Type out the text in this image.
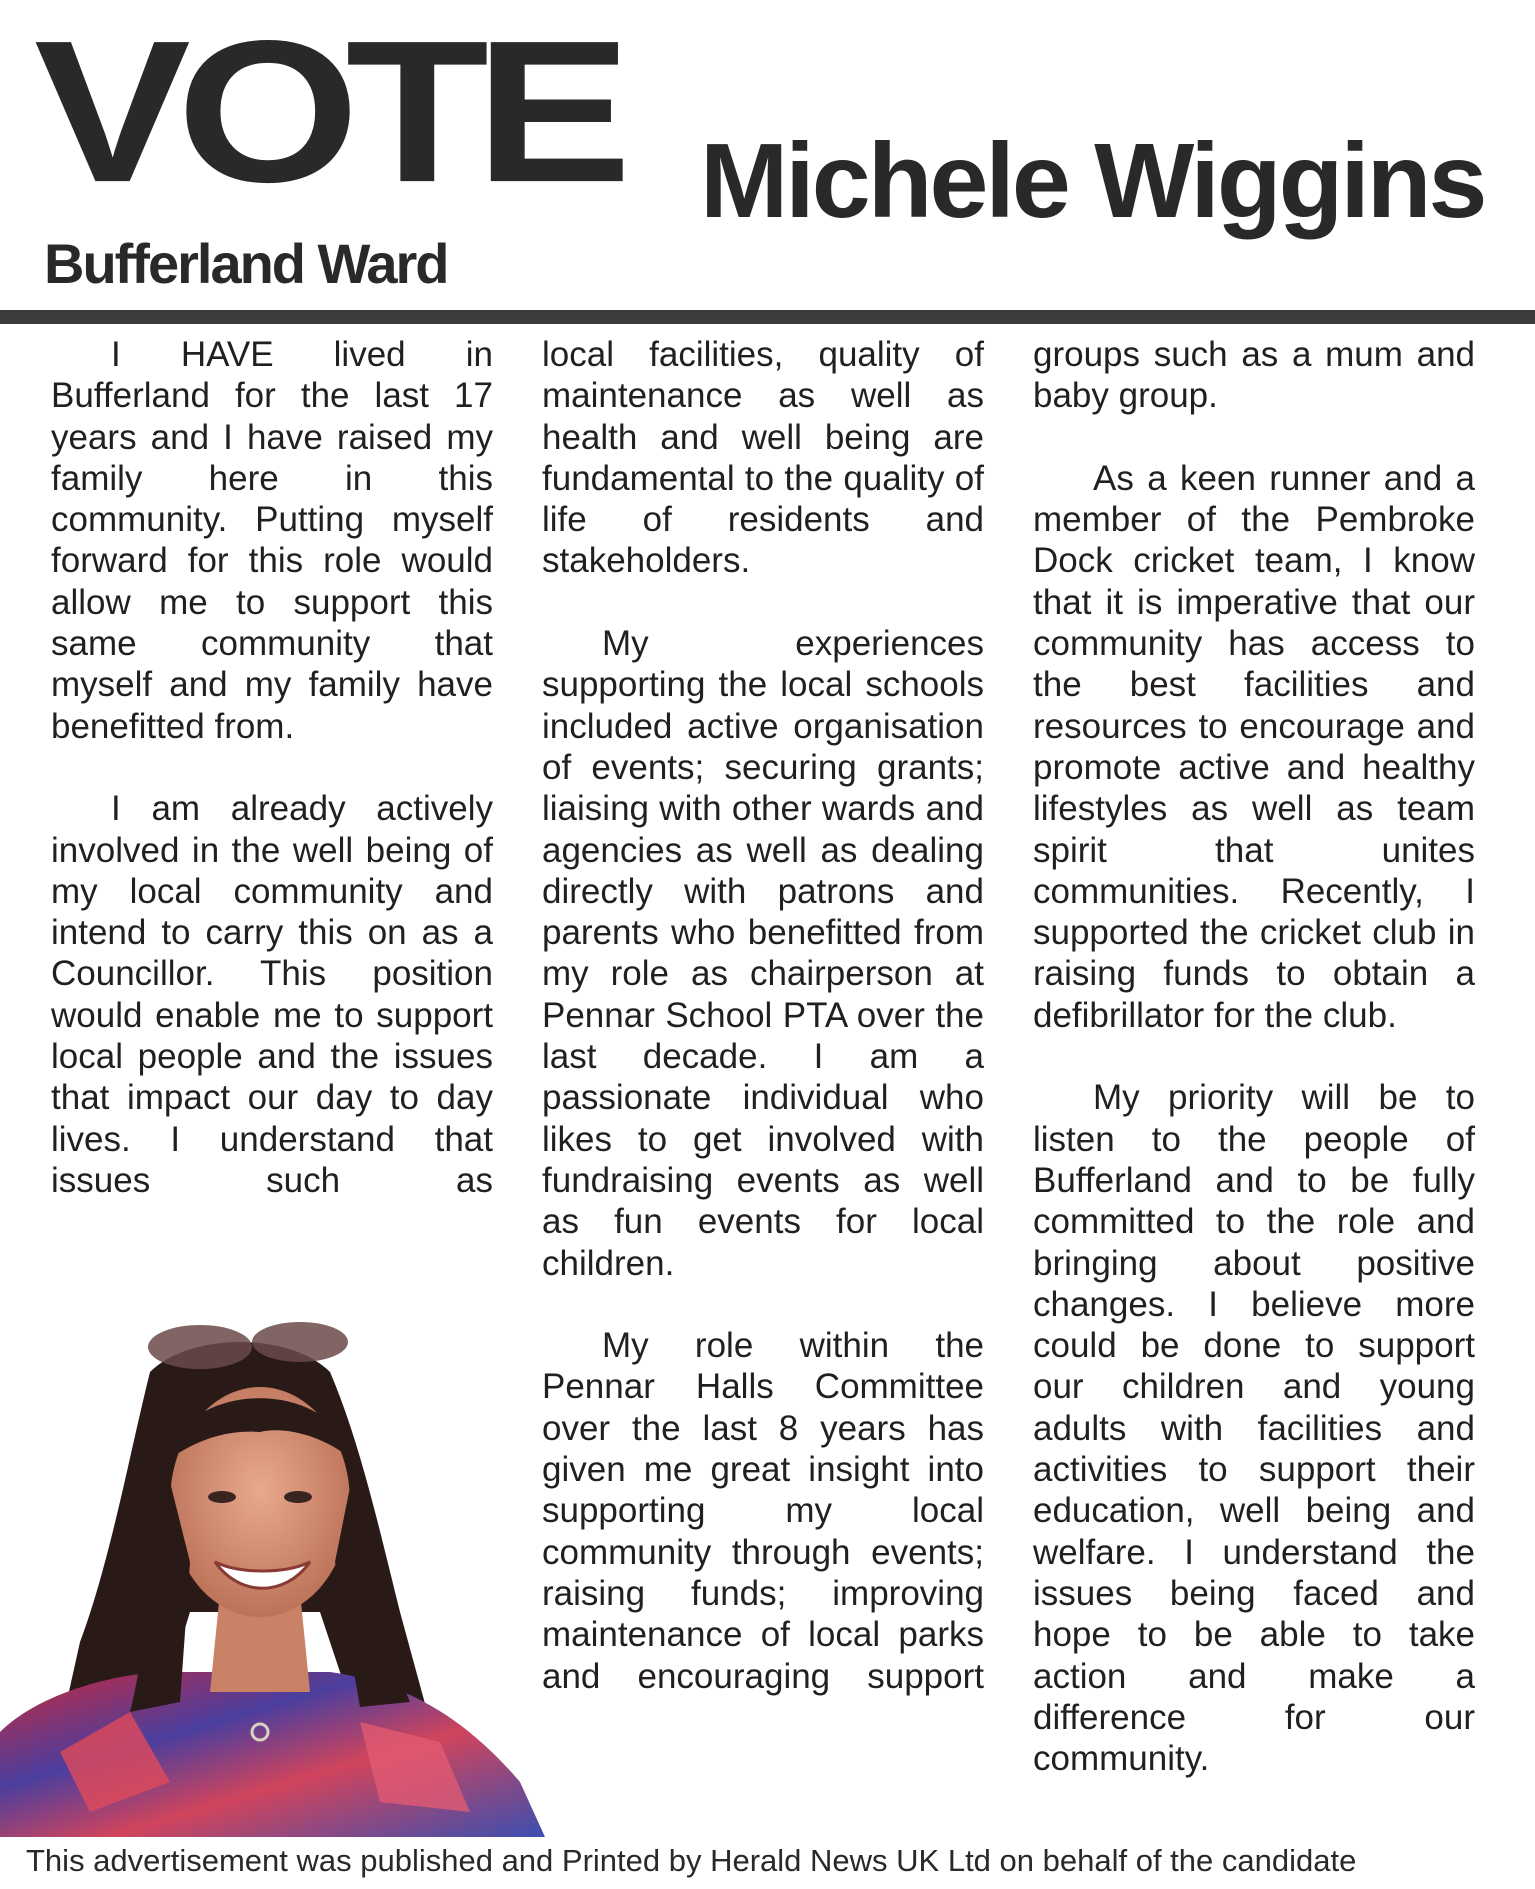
VOTE Michele Wiggins
Bufferland Ward

I HAVE lived in Bufferland for the last 17 years and I have raised my family here in this community. Putting myself forward for this role would allow me to support this same community that myself and my family have benefitted from.

I am already actively involved in the well being of my local community and intend to carry this on as a Councillor. This position would enable me to support local people and the issues that impact our day to day lives. I understand that issues such as

local facilities, quality of maintenance as well as health and well being are fundamental to the quality of life of residents and stakeholders.

My experiences supporting the local schools included active organisation of events; securing grants; liaising with other wards and agencies as well as dealing directly with patrons and parents who benefitted from my role as chairperson at Pennar School PTA over the last decade. I am a passionate individual who likes to get involved with fundraising events as well as fun events for local children.

My role within the Pennar Halls Committee over the last 8 years has given me great insight into supporting my local community through events; raising funds; improving maintenance of local parks and encouraging support

groups such as a mum and baby group.

As a keen runner and a member of the Pembroke Dock cricket team, I know that it is imperative that our community has access to the best facilities and resources to encourage and promote active and healthy lifestyles as well as team spirit that unites communities. Recently, I supported the cricket club in raising funds to obtain a defibrillator for the club.

My priority will be to listen to the people of Bufferland and to be fully committed to the role and bringing about positive changes. I believe more could be done to support our children and young adults with facilities and activities to support their education, well being and welfare. I understand the issues being faced and hope to be able to take action and make a difference for our community.

This advertisement was published and Printed by Herald News UK Ltd on behalf of the candidate
